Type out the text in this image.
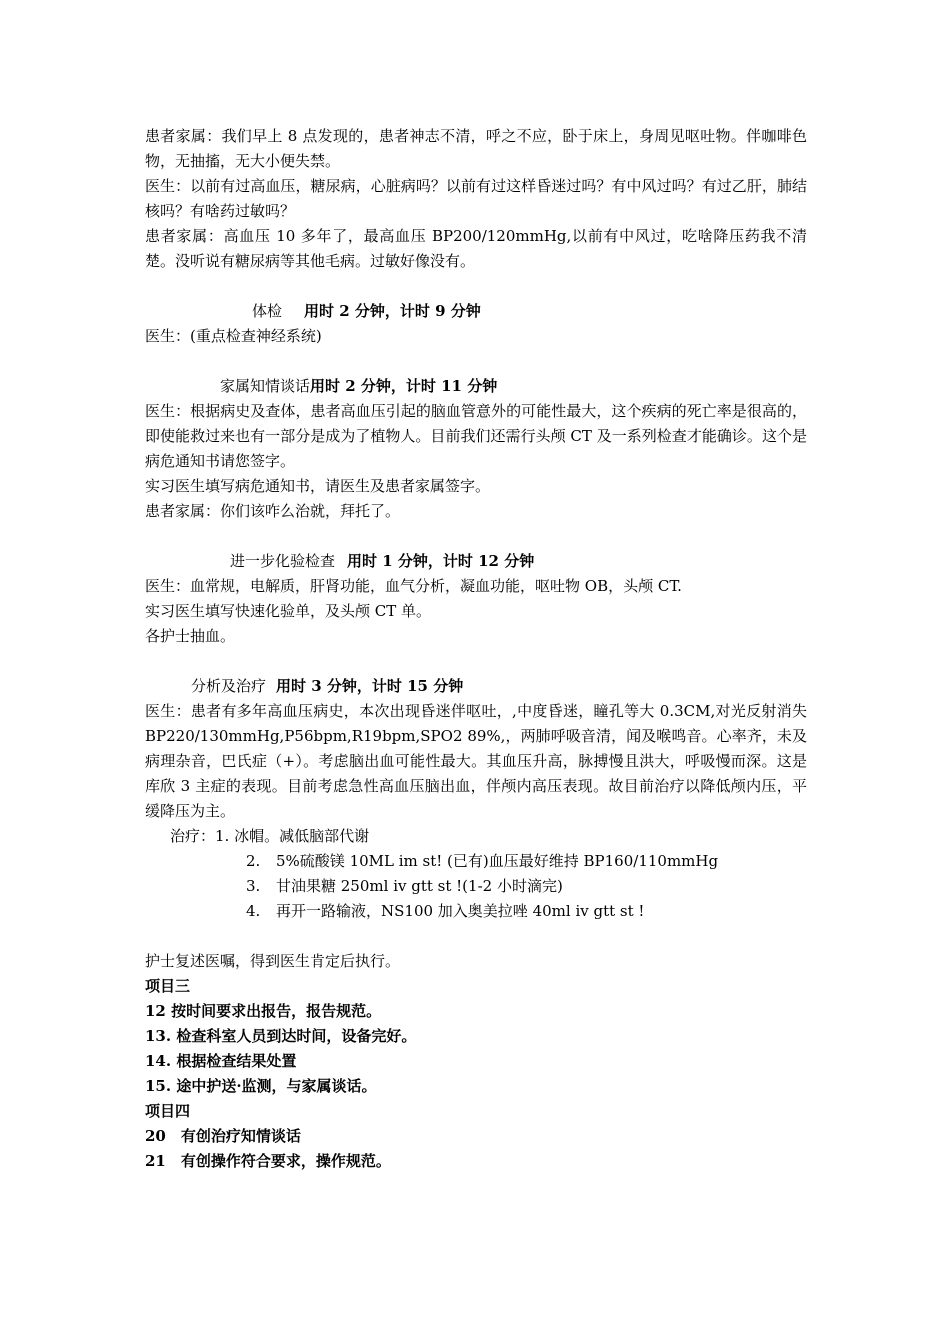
患者家属：我们早上 8 点发现的，患者神志不清，呼之不应，卧于床上，身周见呕吐物。伴咖啡色物，无抽搐，无大小便失禁。

医生：以前有过高血压，糖尿病，心脏病吗？以前有过这样昏迷过吗？有中风过吗？有过乙肝，肺结核吗？有啥药过敏吗？

患者家属：高血压 10 多年了，最高血压 BP200/120mmHg,以前有中风过，吃啥降压药我不清楚。没听说有糖尿病等其他毛病。过敏好像没有。

体检 用时 2 分钟，计时 9 分钟

医生：(重点检查神经系统)

家属知情谈话用时 2 分钟，计时 11 分钟

医生：根据病史及查体，患者高血压引起的脑血管意外的可能性最大，这个疾病的死亡率是很高的，即使能救过来也有一部分是成为了植物人。目前我们还需行头颅 CT 及一系列检查才能确诊。这个是病危通知书请您签字。

实习医生填写病危通知书，请医生及患者家属签字。

患者家属：你们该咋么治就，拜托了。

进一步化验检查 用时 1 分钟，计时 12 分钟

医生：血常规，电解质，肝肾功能，血气分析，凝血功能，呕吐物 OB，头颅 CT.

实习医生填写快速化验单，及头颅 CT 单。

各护士抽血。

分析及治疗 用时 3 分钟，计时 15 分钟

医生：患者有多年高血压病史，本次出现昏迷伴呕吐，,中度昏迷，瞳孔等大 0.3CM,对光反射消失 BP220/130mmHg,P56bpm,R19bpm,SPO2 89%,，两肺呼吸音清，闻及喉鸣音。心率齐，未及病理杂音，巴氏症（+）。考虑脑出血可能性最大。其血压升高，脉搏慢且洪大，呼吸慢而深。这是库欣 3 主症的表现。目前考虑急性高血压脑出血，伴颅内高压表现。故目前治疗以降低颅内压，平缓降压为主。

治疗：1. 冰帽。减低脑部代谢

2.	5%硫酸镁 10ML im st! (已有)血压最好维持 BP160/110mmHg
3.	甘油果糖 250ml iv gtt st !(1-2 小时滴完)
4.	再开一路输液，NS100 加入奥美拉唑 40ml iv gtt st !

护士复述医嘱，得到医生肯定后执行。

项目三

12 按时间要求出报告，报告规范。

13. 检查科室人员到达时间，设备完好。

14. 根据检查结果处置

15. 途中护送·监测，与家属谈话。

项目四

20　有创治疗知情谈话

21　有创操作符合要求，操作规范。
